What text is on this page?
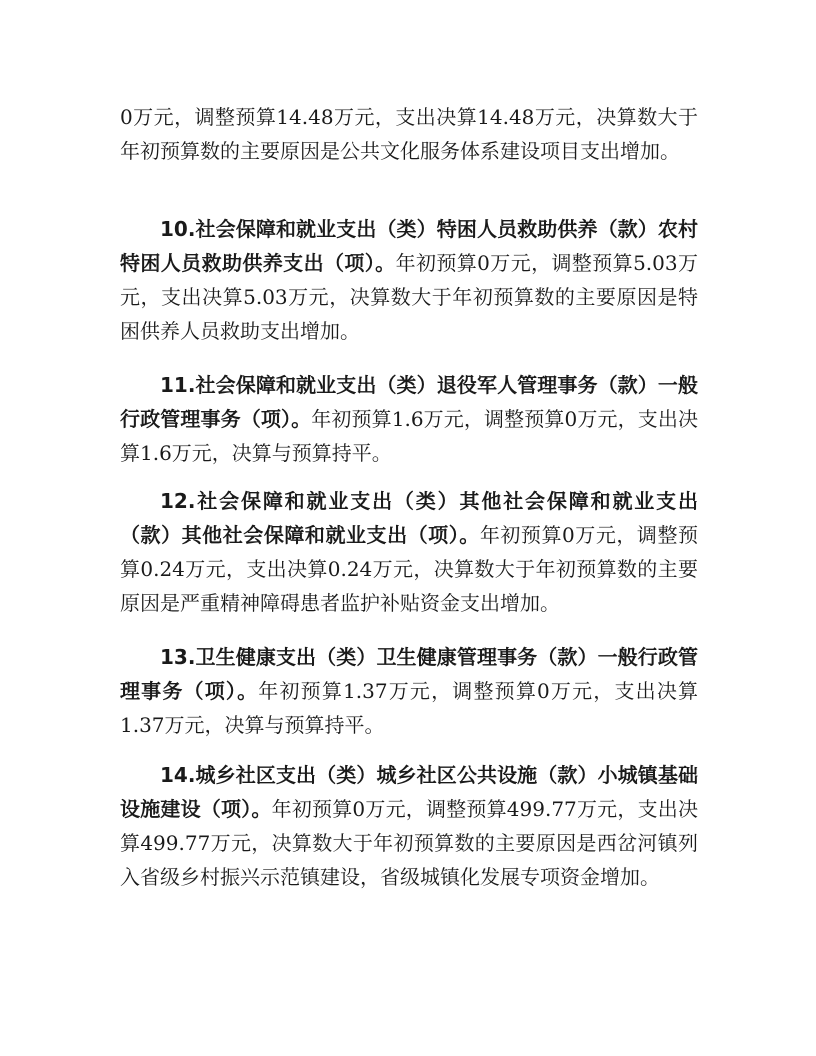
0万元，调整预算14.48万元，支出决算14.48万元，决算数大于年初预算数的主要原因是公共文化服务体系建设项目支出增加。

10.社会保障和就业支出（类）特困人员救助供养（款）农村特困人员救助供养支出（项）。年初预算0万元，调整预算5.03万元，支出决算5.03万元，决算数大于年初预算数的主要原因是特困供养人员救助支出增加。

11.社会保障和就业支出（类）退役军人管理事务（款）一般行政管理事务（项）。年初预算1.6万元，调整预算0万元，支出决算1.6万元，决算与预算持平。

12.社会保障和就业支出（类）其他社会保障和就业支出（款）其他社会保障和就业支出（项）。年初预算0万元，调整预算0.24万元，支出决算0.24万元，决算数大于年初预算数的主要原因是严重精神障碍患者监护补贴资金支出增加。

13.卫生健康支出（类）卫生健康管理事务（款）一般行政管理事务（项）。年初预算1.37万元，调整预算0万元，支出决算1.37万元，决算与预算持平。

14.城乡社区支出（类）城乡社区公共设施（款）小城镇基础设施建设（项）。年初预算0万元，调整预算499.77万元，支出决算499.77万元，决算数大于年初预算数的主要原因是西岔河镇列入省级乡村振兴示范镇建设，省级城镇化发展专项资金增加。
